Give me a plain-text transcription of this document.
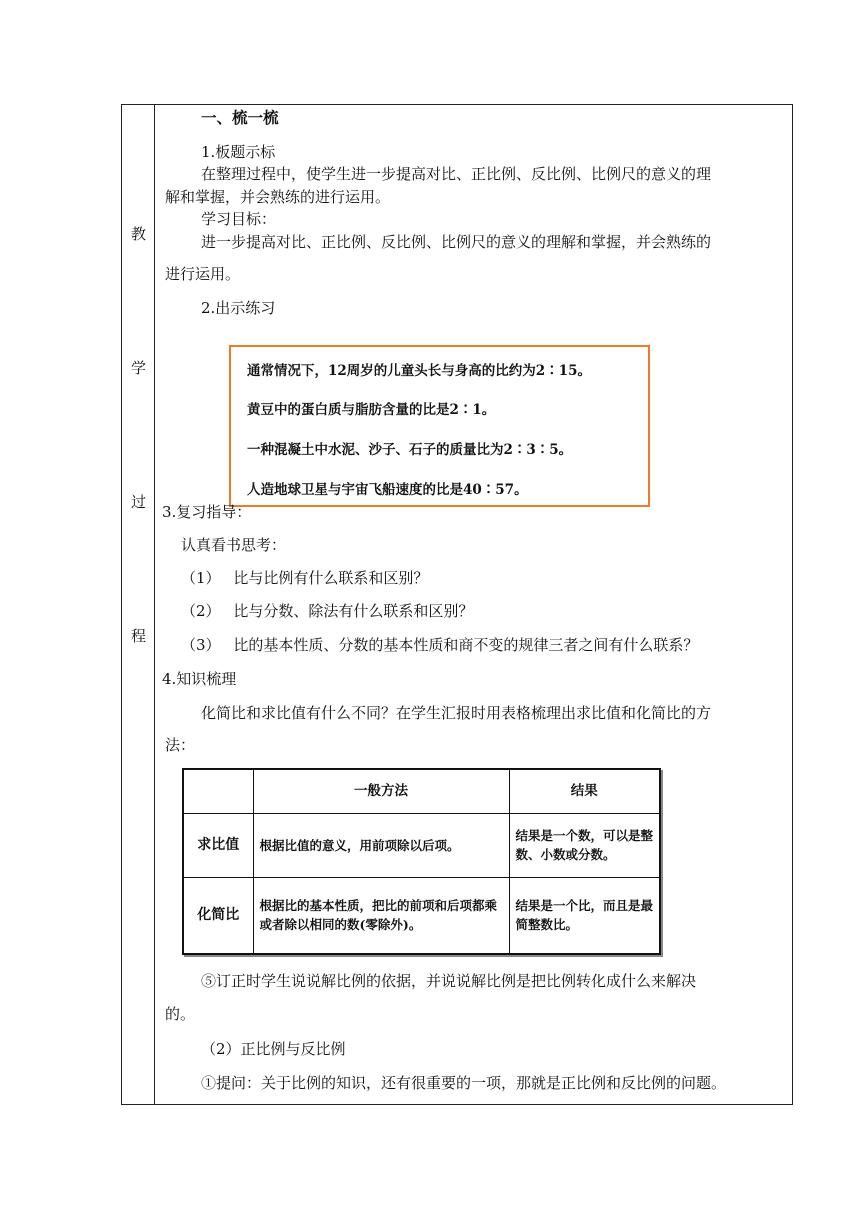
教
学
过
程
一、梳一梳
1.板题示标
在整理过程中，使学生进一步提高对比、正比例、反比例、比例尺的意义的理
解和掌握，并会熟练的进行运用。
学习目标：
进一步提高对比、正比例、反比例、比例尺的意义的理解和掌握，并会熟练的
进行运用。
2.出示练习
通常情况下，12周岁的儿童头长与身高的比约为2∶15。
黄豆中的蛋白质与脂肪含量的比是2∶1。
一种混凝土中水泥、沙子、石子的质量比为2∶3∶5。
人造地球卫星与宇宙飞船速度的比是40∶57。
3.复习指导：
认真看书思考：
（1） 比与比例有什么联系和区别？
（2） 比与分数、除法有什么联系和区别？
（3） 比的基本性质、分数的基本性质和商不变的规律三者之间有什么联系？
4.知识梳理
化简比和求比值有什么不同？在学生汇报时用表格梳理出求比值和化简比的方
法：
	一般方法	结果
求比值	根据比值的意义，用前项除以后项。	结果是一个数，可以是整数、小数或分数。
化简比	根据比的基本性质，把比的前项和后项都乘或者除以相同的数(零除外)。	结果是一个比，而且是最简整数比。
⑤订正时学生说说解比例的依据，并说说解比例是把比例转化成什么来解决
的。
（2）正比例与反比例
①提问：关于比例的知识，还有很重要的一项，那就是正比例和反比例的问题。
